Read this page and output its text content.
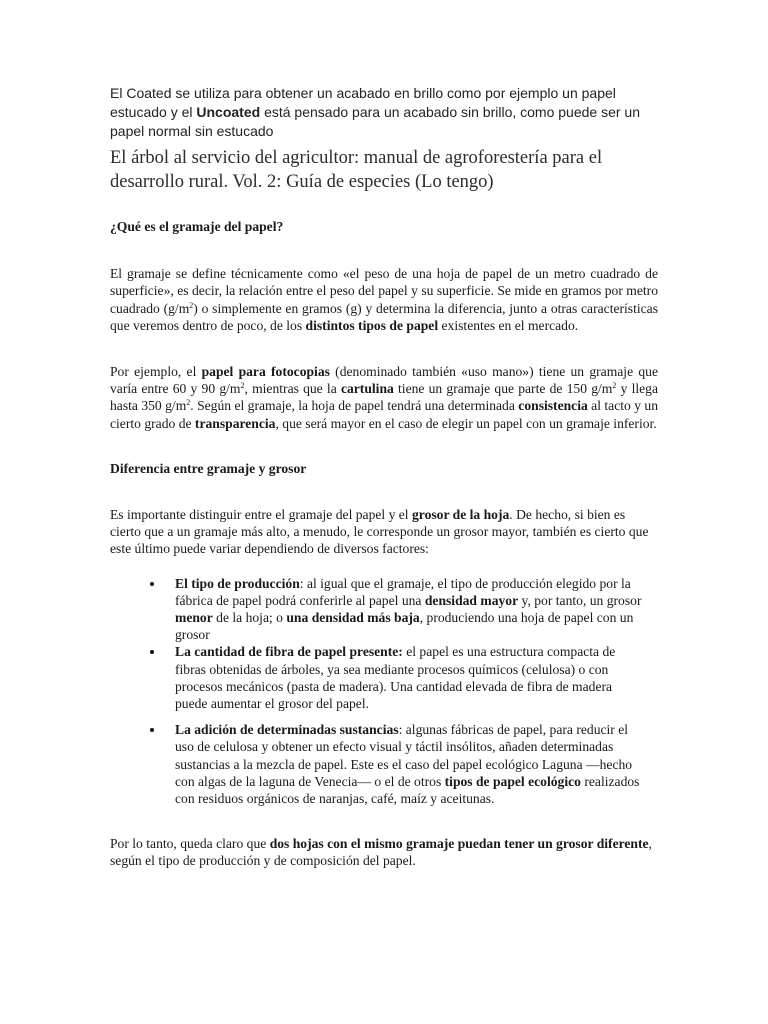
El Coated se utiliza para obtener un acabado en brillo como por ejemplo un papel estucado y el Uncoated está pensado para un acabado sin brillo, como puede ser un papel normal sin estucado

El árbol al servicio del agricultor: manual de agroforestería para el desarrollo rural. Vol. 2: Guía de especies (Lo tengo)
¿Qué es el gramaje del papel?

El gramaje se define técnicamente como «el peso de una hoja de papel de un metro cuadrado de superficie», es decir, la relación entre el peso del papel y su superficie. Se mide en gramos por metro cuadrado $(g/m^2)$ o simplemente en gramos (g) y determina la diferencia, junto a otras características que veremos dentro de poco, de los distintos tipos de papel existentes en el mercado.

Por ejemplo, el papel para fotocopias (denominado también «uso mano») tiene un gramaje que varía entre 60 y 90 $g/m^2$, mientras que la cartulina tiene un gramaje que parte de 150 $g/m^2$ y llega hasta 350 $g/m^2$. Según el gramaje, la hoja de papel tendrá una determinada consistencia al tacto y un cierto grado de transparencia, que será mayor en el caso de elegir un papel con un gramaje inferior.

Diferencia entre gramaje y grosor

Es importante distinguir entre el gramaje del papel y el grosor de la hoja. De hecho, si bien es cierto que a un gramaje más alto, a menudo, le corresponde un grosor mayor, también es cierto que este último puede variar dependiendo de diversos factores:

El tipo de producción: al igual que el gramaje, el tipo de producción elegido por la fábrica de papel podrá conferirle al papel una densidad mayor y, por tanto, un grosor menor de la hoja; o una densidad más baja, produciendo una hoja de papel con un grosor
La cantidad de fibra de papel presente: el papel es una estructura compacta de fibras obtenidas de árboles, ya sea mediante procesos químicos (celulosa) o con procesos mecánicos (pasta de madera). Una cantidad elevada de fibra de madera puede aumentar el grosor del papel.
La adición de determinadas sustancias: algunas fábricas de papel, para reducir el uso de celulosa y obtener un efecto visual y táctil insólitos, añaden determinadas sustancias a la mezcla de papel. Este es el caso del papel ecológico Laguna —hecho con algas de la laguna de Venecia— o el de otros tipos de papel ecológico realizados con residuos orgánicos de naranjas, café, maíz y aceitunas.

Por lo tanto, queda claro que dos hojas con el mismo gramaje puedan tener un grosor diferente, según el tipo de producción y de composición del papel.
